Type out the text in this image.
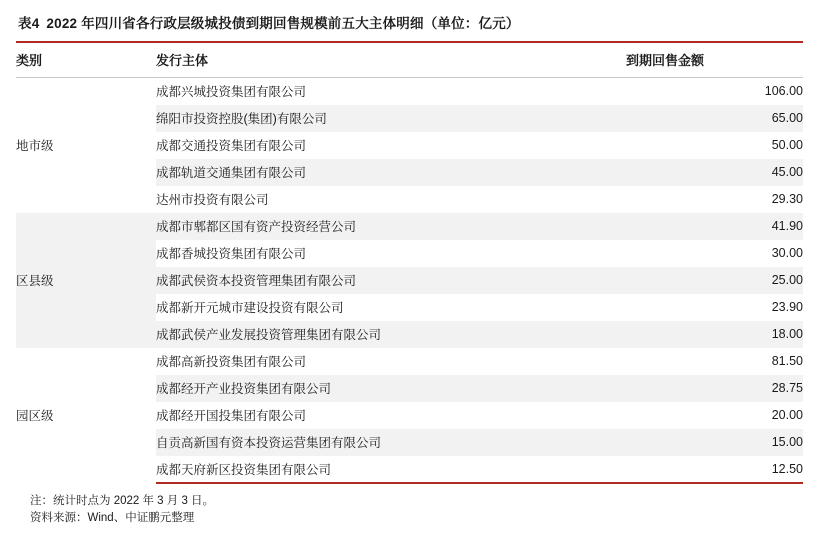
表4 2022 年四川省各行政层级城投债到期回售规模前五大主体明细（单位：亿元）
类别	发行主体	到期回售金额
地市级	成都兴城投资集团有限公司	106.00
	绵阳市投资控股(集团)有限公司	65.00
	成都交通投资集团有限公司	50.00
	成都轨道交通集团有限公司	45.00
	达州市投资有限公司	29.30
区县级	成都市郫都区国有资产投资经营公司	41.90
	成都香城投资集团有限公司	30.00
	成都武侯资本投资管理集团有限公司	25.00
	成都新开元城市建设投资有限公司	23.90
	成都武侯产业发展投资管理集团有限公司	18.00
园区级	成都高新投资集团有限公司	81.50
	成都经开产业投资集团有限公司	28.75
	成都经开国投集团有限公司	20.00
	自贡高新国有资本投资运营集团有限公司	15.00
	成都天府新区投资集团有限公司	12.50
注：统计时点为 2022 年 3 月 3 日。
资料来源：Wind、中证鹏元整理
